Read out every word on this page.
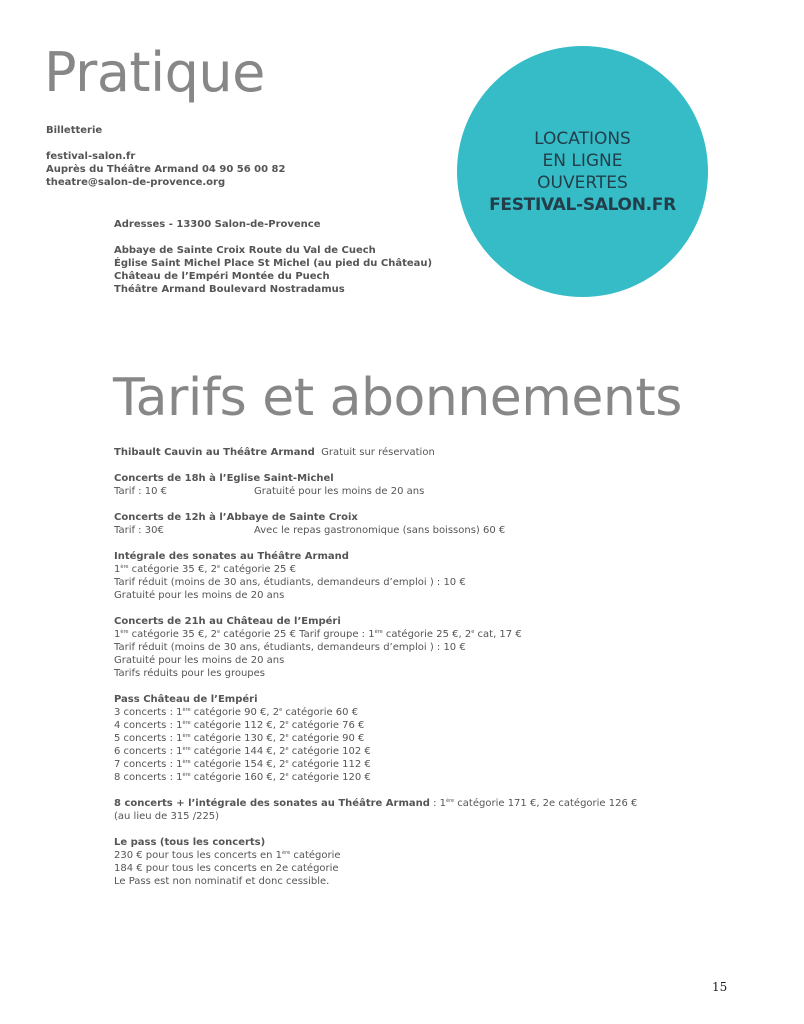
Pratique
Billetterie
festival-salon.fr
Auprès du Théâtre Armand 04 90 56 00 82
theatre@salon-de-provence.org
Adresses - 13300 Salon-de-Provence
Abbaye de Sainte Croix Route du Val de Cuech
Église Saint Michel Place St Michel (au pied du Château)
Château de l’Empéri Montée du Puech
Théâtre Armand Boulevard Nostradamus
LOCATIONS
EN LIGNE
OUVERTES
FESTIVAL-SALON.FR
Tarifs et abonnements
Thibault Cauvin au Théâtre Armand Gratuit sur réservation
Concerts de 18h à l’Eglise Saint-Michel
Tarif : 10 €	Gratuité pour les moins de 20 ans
Concerts de 12h à l’Abbaye de Sainte Croix
Tarif : 30€	Avec le repas gastronomique (sans boissons) 60 €
Intégrale des sonates au Théâtre Armand
1ère catégorie 35 €, 2e catégorie 25 €
Tarif réduit (moins de 30 ans, étudiants, demandeurs d’emploi ) : 10 €
Gratuité pour les moins de 20 ans
Concerts de 21h au Château de l’Empéri
1ère catégorie 35 €, 2e catégorie 25 € Tarif groupe : 1ère catégorie 25 €, 2e cat, 17 €
Tarif réduit (moins de 30 ans, étudiants, demandeurs d’emploi ) : 10 €
Gratuité pour les moins de 20 ans
Tarifs réduits pour les groupes
Pass Château de l’Empéri
3 concerts : 1ère catégorie 90 €, 2e catégorie 60 €
4 concerts : 1ère catégorie 112 €, 2e catégorie 76 €
5 concerts : 1ère catégorie 130 €, 2e catégorie 90 €
6 concerts : 1ère catégorie 144 €, 2e catégorie 102 €
7 concerts : 1ère catégorie 154 €, 2e catégorie 112 €
8 concerts : 1ère catégorie 160 €, 2e catégorie 120 €
8 concerts + l’intégrale des sonates au Théâtre Armand : 1ère catégorie 171 €, 2e catégorie 126 €
(au lieu de 315 /225)
Le pass (tous les concerts)
230 € pour tous les concerts en 1ère catégorie
184 € pour tous les concerts en 2e catégorie
Le Pass est non nominatif et donc cessible.
15
